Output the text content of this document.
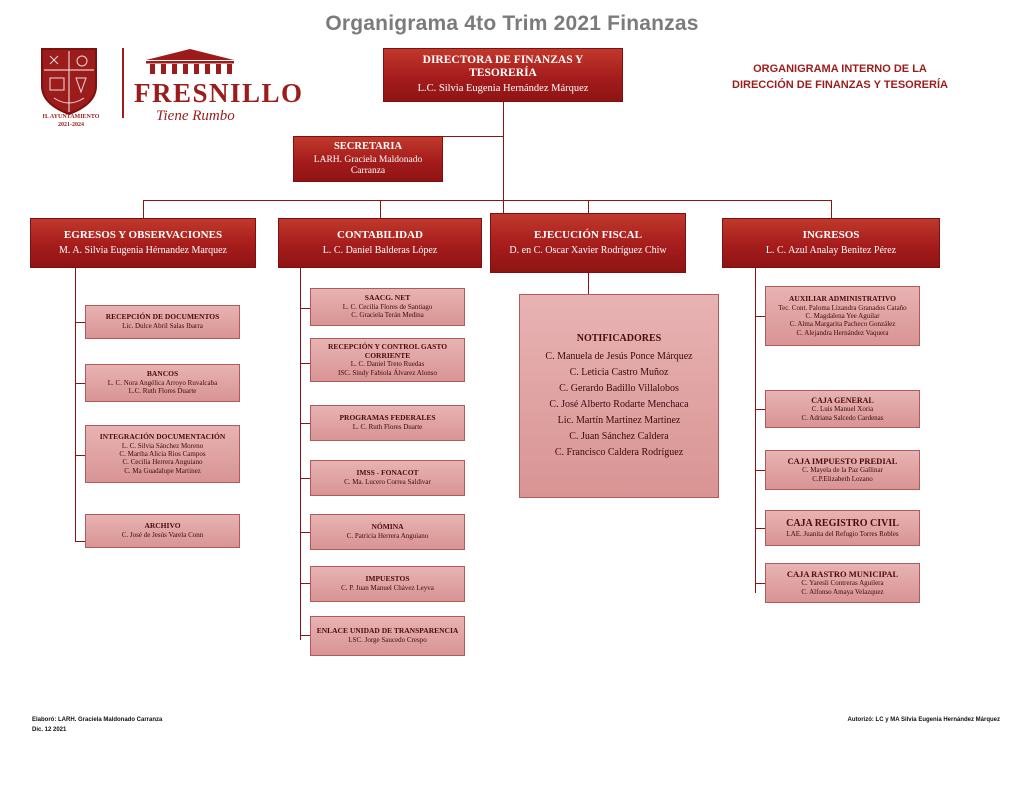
Organigrama 4to Trim 2021 Finanzas
H. AYUNTAMIENTO
2021-2024
FRESNILLO
Tiene Rumbo
ORGANIGRAMA INTERNO DE LA
DIRECCIÓN DE FINANZAS Y TESORERÍA
DIRECTORA DE FINANZAS Y TESORERÍA
L.C. Silvia Eugenia Hernández Márquez
SECRETARIA
LARH. Graciela Maldonado Carranza
EGRESOS Y OBSERVACIONES
M. A. Silvia Eugenia Hérnandez Marquez
CONTABILIDAD
L. C. Daniel Balderas López
EJECUCIÓN FISCAL
D. en C. Oscar Xavier Rodríguez Chiw
INGRESOS
L. C. Azul Analay Benitez Pérez
RECEPCIÓN DE DOCUMENTOS
Lic. Dulce Abril Salas Ibarra
BANCOS
L. C. Nora Angélica Arroyo Ruvalcaba
L.C. Ruth Flores Duarte
INTEGRACIÓN DOCUMENTACIÓN
L. C. Silvia Sánchez Moreno
C. Martha Alicia Rios Campos
C. Cecilia Herrera Anguiano
C. Ma Guadalupe Martinez
ARCHIVO
C. José de Jesús Varela Conn
SAACG. NET
L. C. Cecilia Flores de Santiago
C. Graciela Terán Medina
RECEPCIÓN Y CONTROL GASTO CORRIENTE
L. C. Daniel Treto Ruedas
ISC. Sindy Fabiola Álvarez Alonso
PROGRAMAS FEDERALES
L. C. Ruth Flores Duarte
IMSS - FONACOT
C. Ma. Lucero Correa Saldivar
NÓMINA
C. Patricia Herrera Anguiano
IMPUESTOS
C. P. Juan Manuel Chávez Leyva
ENLACE UNIDAD DE TRANSPARENCIA
LSC. Jorge Saucedo Crespo
NOTIFICADORES
C. Manuela de Jesús Ponce Márquez
C. Leticia Castro Muñoz
C. Gerardo Badillo Villalobos
C. José Alberto Rodarte Menchaca
Lic. Martín Martinez Martinez
C. Juan Sánchez Caldera
C. Francisco Caldera Rodríguez
AUXILIAR ADMINISTRATIVO
Tec. Cont. Paloma Lizandra Granados Cataño
C. Magdalena Yee Aguilar
C. Alma Margarita Pacheco González
C. Alejandra Hernández Vaquera
CAJA GENERAL
C. Luis Manuel Xoria
C. Adriana Salcedo Cardenas
CAJA IMPUESTO PREDIAL
C. Mayela de la Paz Gallinar
C.P.Elizabeth Lozano
CAJA REGISTRO CIVIL
LAE. Juanita del Refugio Torres Robles
CAJA RASTRO MUNICIPAL
C. Yaresli Contreras Aguilera
C. Alfonso Amaya Velazquez
Elaboró: LARH. Graciela Maldonado Carranza
Dic. 12 2021
Autorizó: LC y MA Silvia Eugenia Hernández Márquez
